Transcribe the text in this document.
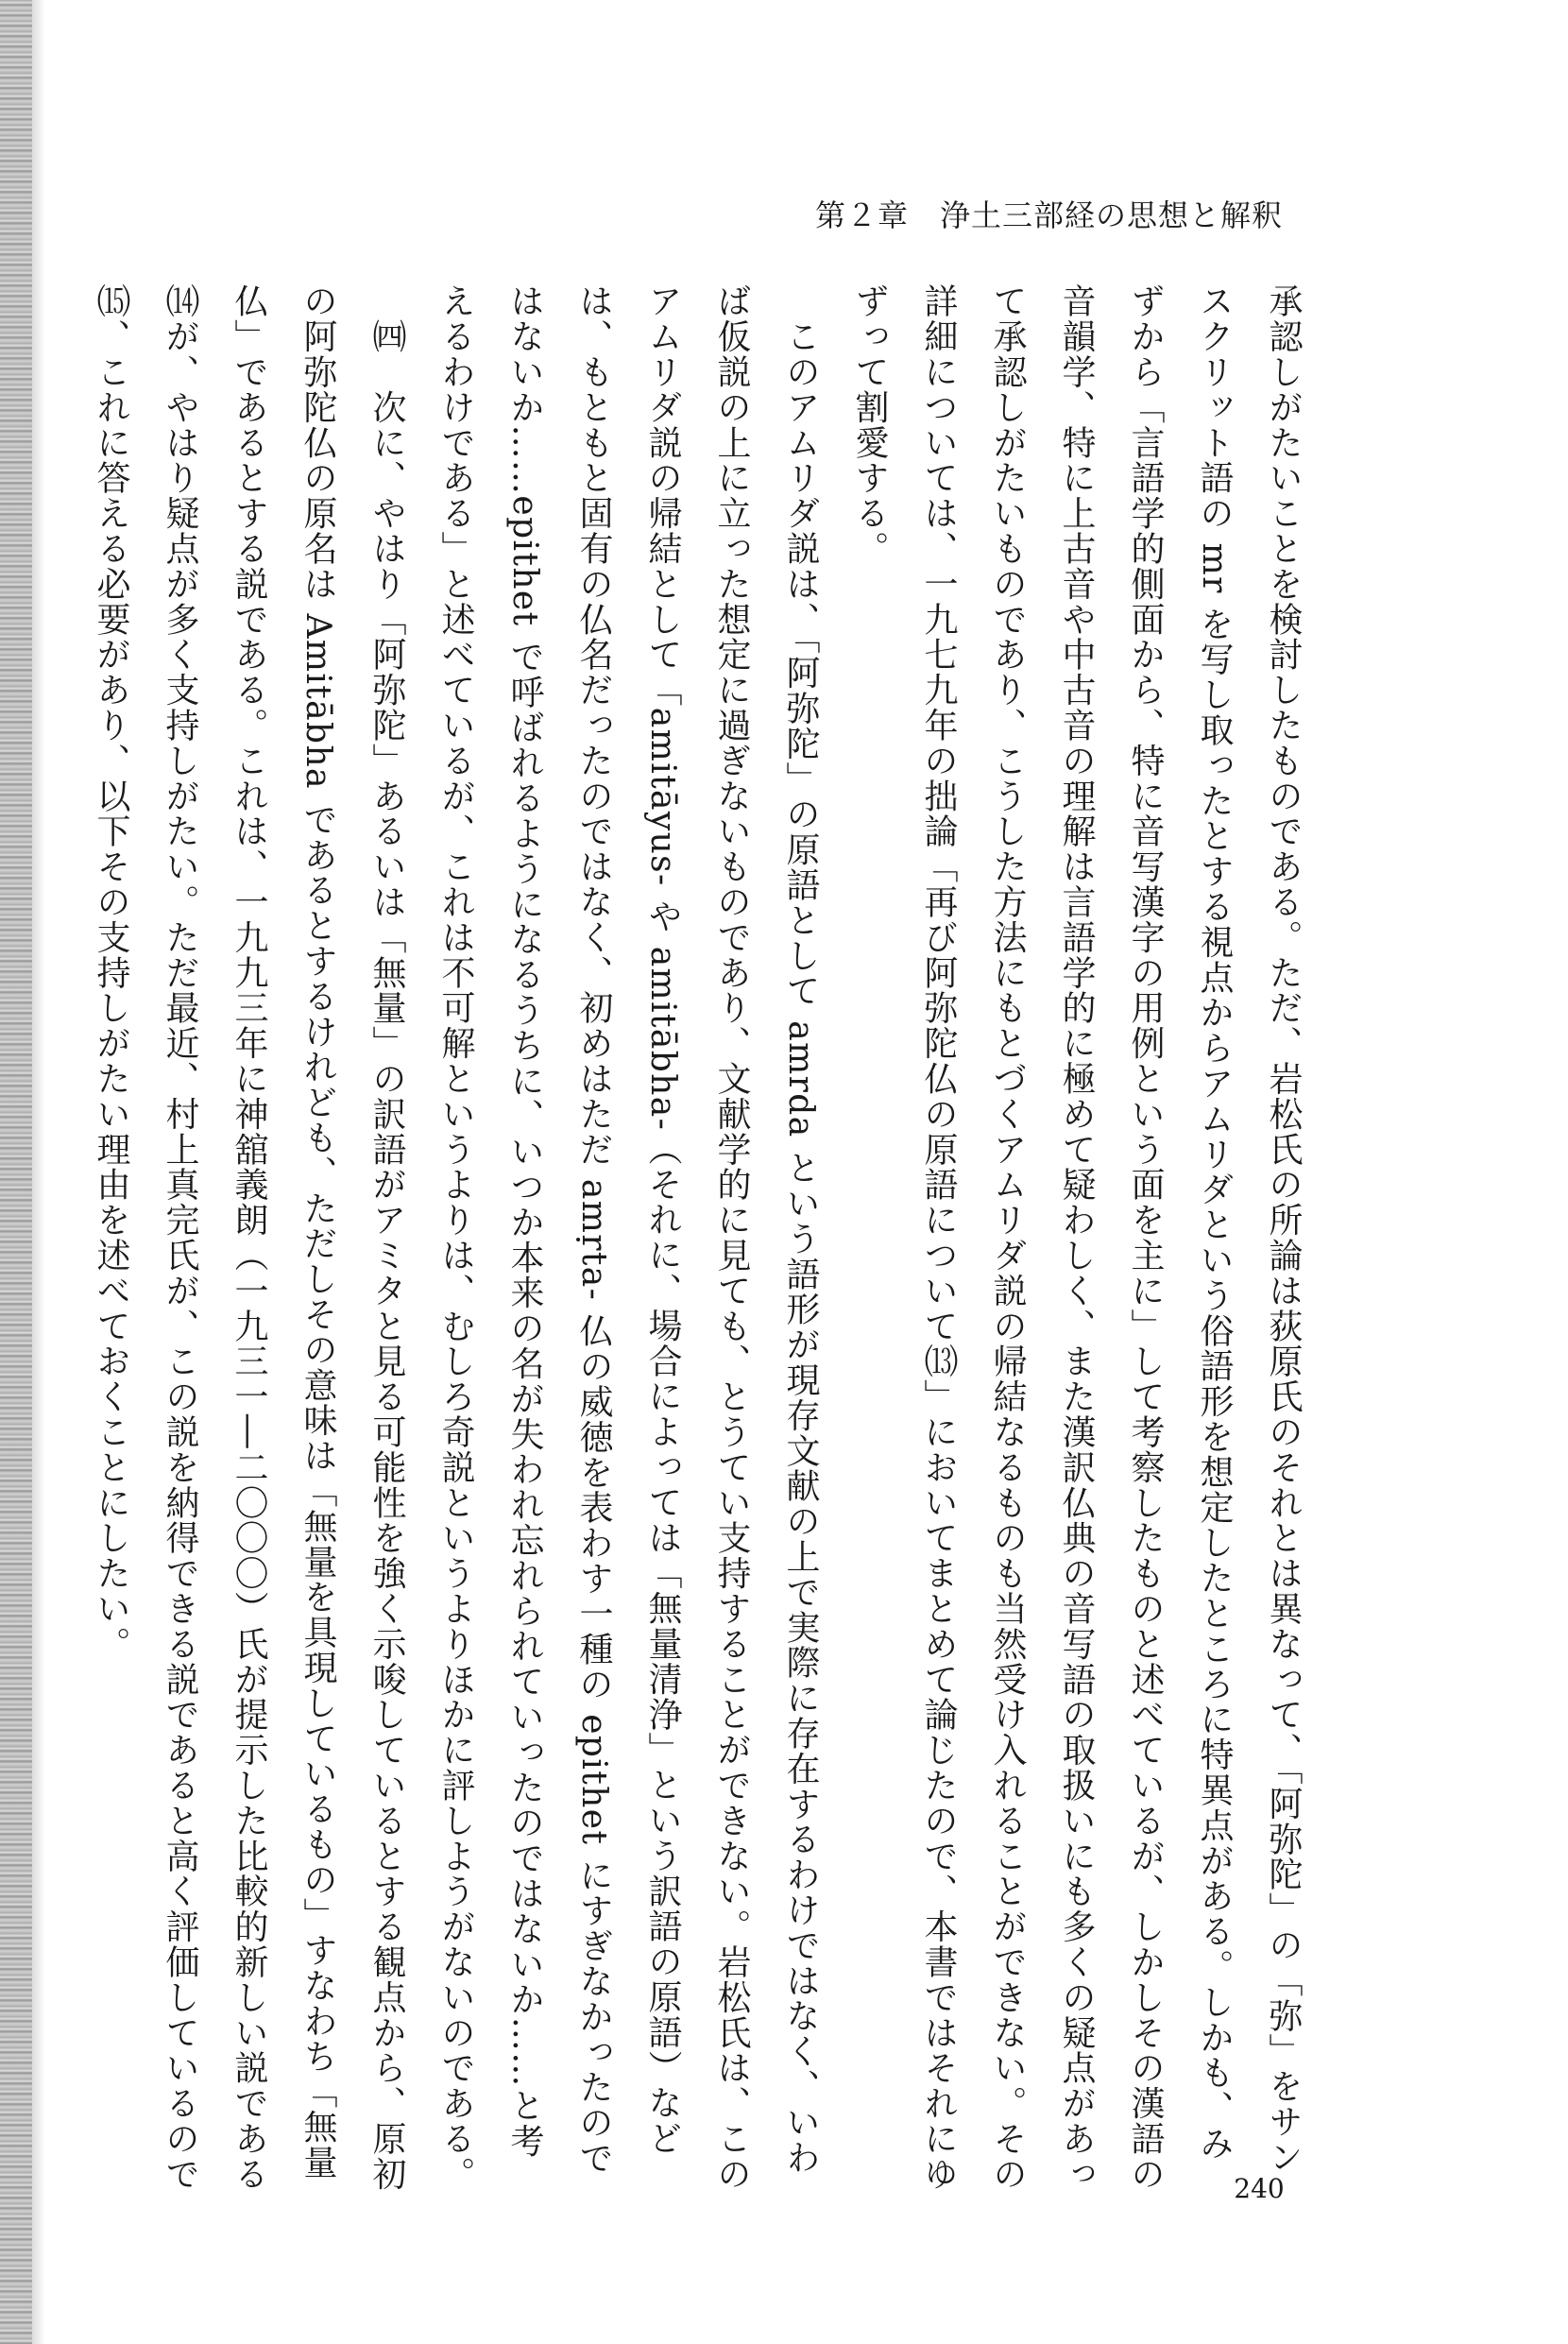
第２章　浄土三部経の思想と解釈

承認しがたいことを検討したものである。ただ、岩松氏の所論は荻原氏のそれとは異なって、「阿弥陀」の「弥」をサンスクリット語の mr を写し取ったとする視点からアムリダという俗語形を想定したところに特異点がある。しかも、みずから「言語学的側面から、特に音写漢字の用例という面を主に」して考察したものと述べているが、しかしその漢語の音韻学、特に上古音や中古音の理解は言語学的に極めて疑わしく、また漢訳仏典の音写語の取扱いにも多くの疑点があって承認しがたいものであり、こうした方法にもとづくアムリダ説の帰結なるものも当然受け入れることができない。その詳細については、一九七九年の拙論「再び阿弥陀仏の原語について⒀」においてまとめて論じたので、本書ではそれにゆずって割愛する。

　このアムリダ説は、「阿弥陀」の原語として amrda という語形が現存文献の上で実際に存在するわけではなく、いわば仮説の上に立った想定に過ぎないものであり、文献学的に見ても、とうてい支持することができない。岩松氏は、このアムリダ説の帰結として「amitāyus- や amitābha-（それに、場合によっては「無量清浄」という訳語の原語）などは、もともと固有の仏名だったのではなく、初めはただ amṛta- 仏の威徳を表わす一種の epithet にすぎなかったのではないか……epithet で呼ばれるようになるうちに、いつか本来の名が失われ忘れられていったのではないか……と考えるわけである」と述べているが、これは不可解というよりは、むしろ奇説というよりほかに評しようがないのである。

　㈣　次に、やはり「阿弥陀」あるいは「無量」の訳語がアミタと見る可能性を強く示唆しているとする観点から、原初の阿弥陀仏の原名は Amitābha であるとするけれども、ただしその意味は「無量を具現しているもの」すなわち「無量仏」であるとする説である。これは、一九九三年に神舘義朗（一九三一―二〇〇〇）氏が提示した比較的新しい説である⒁が、やはり疑点が多く支持しがたい。ただ最近、村上真完氏が、この説を納得できる説であると高く評価しているので⒂、これに答える必要があり、以下その支持しがたい理由を述べておくことにしたい。

240
